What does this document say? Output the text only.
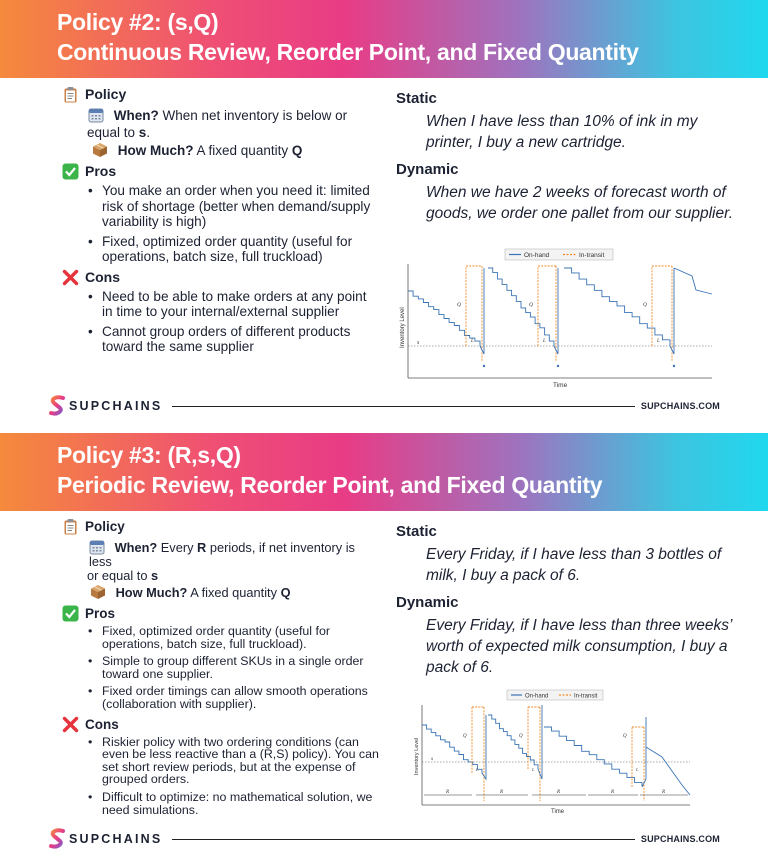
Policy #2: (s,Q)
Continuous Review, Reorder Point, and Fixed Quantity
Policy
When? When net inventory is below or
equal to s.
How Much? A fixed quantity Q
Pros
• You make an order when you need it: limited risk of shortage (better when demand/supply variability is high)
• Fixed, optimized order quantity (useful for operations, batch size, full truckload)
Cons
• Need to be able to make orders at any point in time to your internal/external supplier
• Cannot group orders of different products toward the same supplier
Static
When I have less than 10% of ink in my printer, I buy a new cartridge.
Dynamic
When we have 2 weeks of forecast worth of goods, we order one pallet from our supplier.
On-hand	In-transit
Inventory Level
Time
s
Q
L
Q
L
Q
L
SUPCHAINS	SUPCHAINS.COM
Policy #3: (R,s,Q)
Periodic Review, Reorder Point, and Fixed Quantity
Policy
When? Every R periods, if net inventory is less
or equal to s
How Much? A fixed quantity Q
Pros
• Fixed, optimized order quantity (useful for operations, batch size, full truckload).
• Simple to group different SKUs in a single order toward one supplier.
• Fixed order timings can allow smooth operations (collaboration with supplier).
Cons
• Riskier policy with two ordering conditions (can even be less reactive than a (R,S) policy). You can set short review periods, but at the expense of grouped orders.
• Difficult to optimize: no mathematical solution, we need simulations.
Static
Every Friday, if I have less than 3 bottles of milk, I buy a pack of 6.
Dynamic
Every Friday, if I have less than three weeks’ worth of expected milk consumption, I buy a pack of 6.
On-hand	In-transit
Inventory Level
Time
s
Q
L
Q
L
Q
L
R	R	R	R	R
SUPCHAINS	SUPCHAINS.COM
